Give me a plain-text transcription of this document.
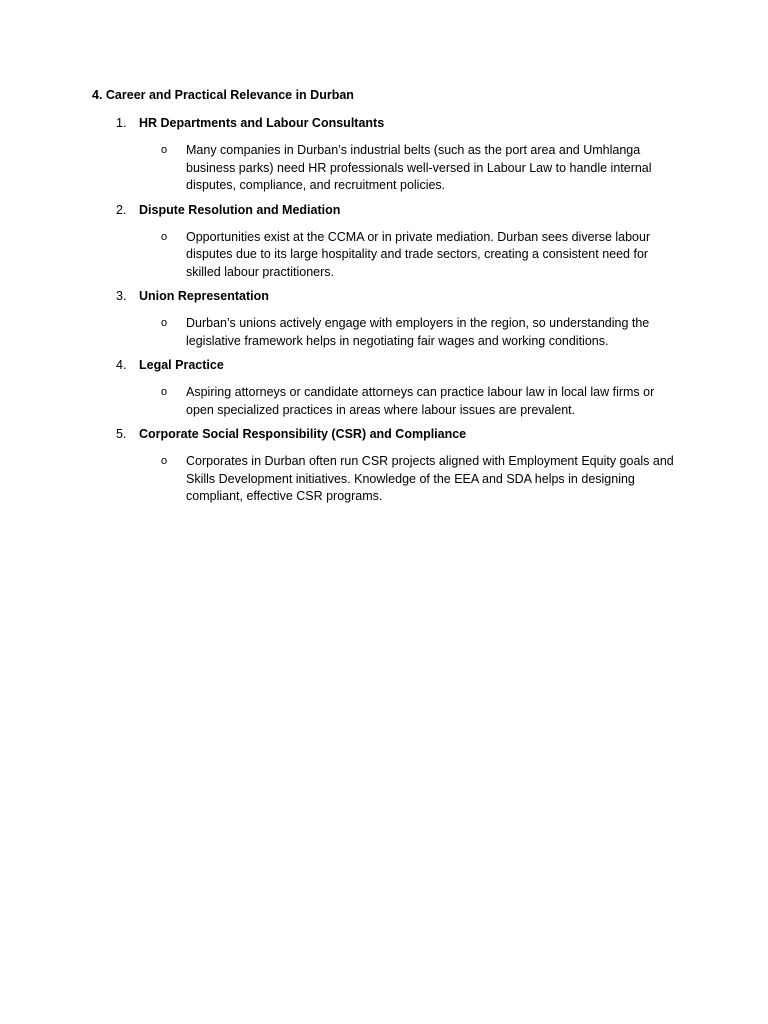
4. Career and Practical Relevance in Durban
1. HR Departments and Labour Consultants
o Many companies in Durban’s industrial belts (such as the port area and Umhlanga business parks) need HR professionals well-versed in Labour Law to handle internal disputes, compliance, and recruitment policies.
2. Dispute Resolution and Mediation
o Opportunities exist at the CCMA or in private mediation. Durban sees diverse labour disputes due to its large hospitality and trade sectors, creating a consistent need for skilled labour practitioners.
3. Union Representation
o Durban’s unions actively engage with employers in the region, so understanding the legislative framework helps in negotiating fair wages and working conditions.
4. Legal Practice
o Aspiring attorneys or candidate attorneys can practice labour law in local law firms or open specialized practices in areas where labour issues are prevalent.
5. Corporate Social Responsibility (CSR) and Compliance
o Corporates in Durban often run CSR projects aligned with Employment Equity goals and Skills Development initiatives. Knowledge of the EEA and SDA helps in designing compliant, effective CSR programs.
